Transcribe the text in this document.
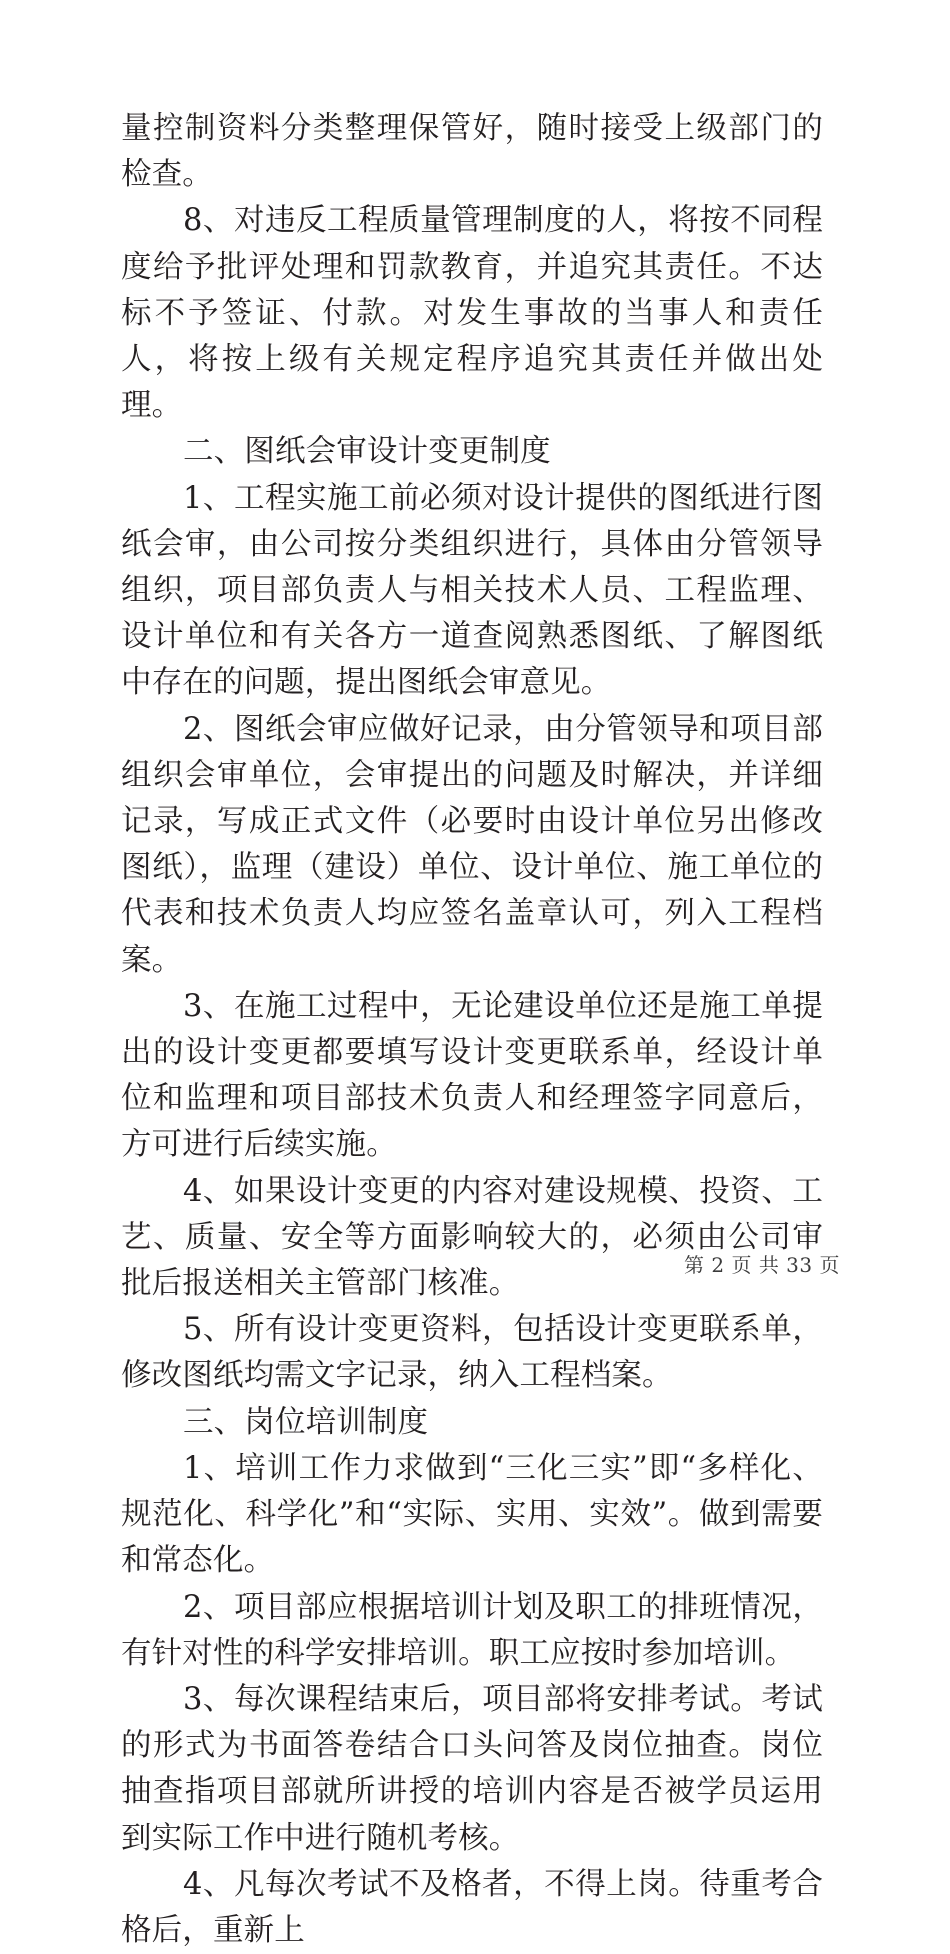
量控制资料分类整理保管好，随时接受上级部门的检查。

8、对违反工程质量管理制度的人，将按不同程度给予批评处理和罚款教育，并追究其责任。不达标不予签证、付款。对发生事故的当事人和责任人，将按上级有关规定程序追究其责任并做出处理。

二、图纸会审设计变更制度

1、工程实施工前必须对设计提供的图纸进行图纸会审，由公司按分类组织进行，具体由分管领导组织，项目部负责人与相关技术人员、工程监理、设计单位和有关各方一道查阅熟悉图纸、了解图纸中存在的问题，提出图纸会审意见。

2、图纸会审应做好记录，由分管领导和项目部组织会审单位，会审提出的问题及时解决，并详细记录，写成正式文件（必要时由设计单位另出修改图纸），监理（建设）单位、设计单位、施工单位的代表和技术负责人均应签名盖章认可，列入工程档案。

3、在施工过程中，无论建设单位还是施工单提出的设计变更都要填写设计变更联系单，经设计单位和监理和项目部技术负责人和经理签字同意后，方可进行后续实施。

4、如果设计变更的内容对建设规模、投资、工艺、质量、安全等方面影响较大的，必须由公司审批后报送相关主管部门核准。

5、所有设计变更资料，包括设计变更联系单，修改图纸均需文字记录，纳入工程档案。

三、岗位培训制度

1、培训工作力求做到“三化三实”即“多样化、规范化、科学化”和“实际、实用、实效”。做到需要和常态化。

2、项目部应根据培训计划及职工的排班情况，有针对性的科学安排培训。职工应按时参加培训。

3、每次课程结束后，项目部将安排考试。考试的形式为书面答卷结合口头问答及岗位抽查。岗位抽查指项目部就所讲授的培训内容是否被学员运用到实际工作中进行随机考核。

4、凡每次考试不及格者，不得上岗。待重考合格后，重新上

第 2 页 共 33 页
